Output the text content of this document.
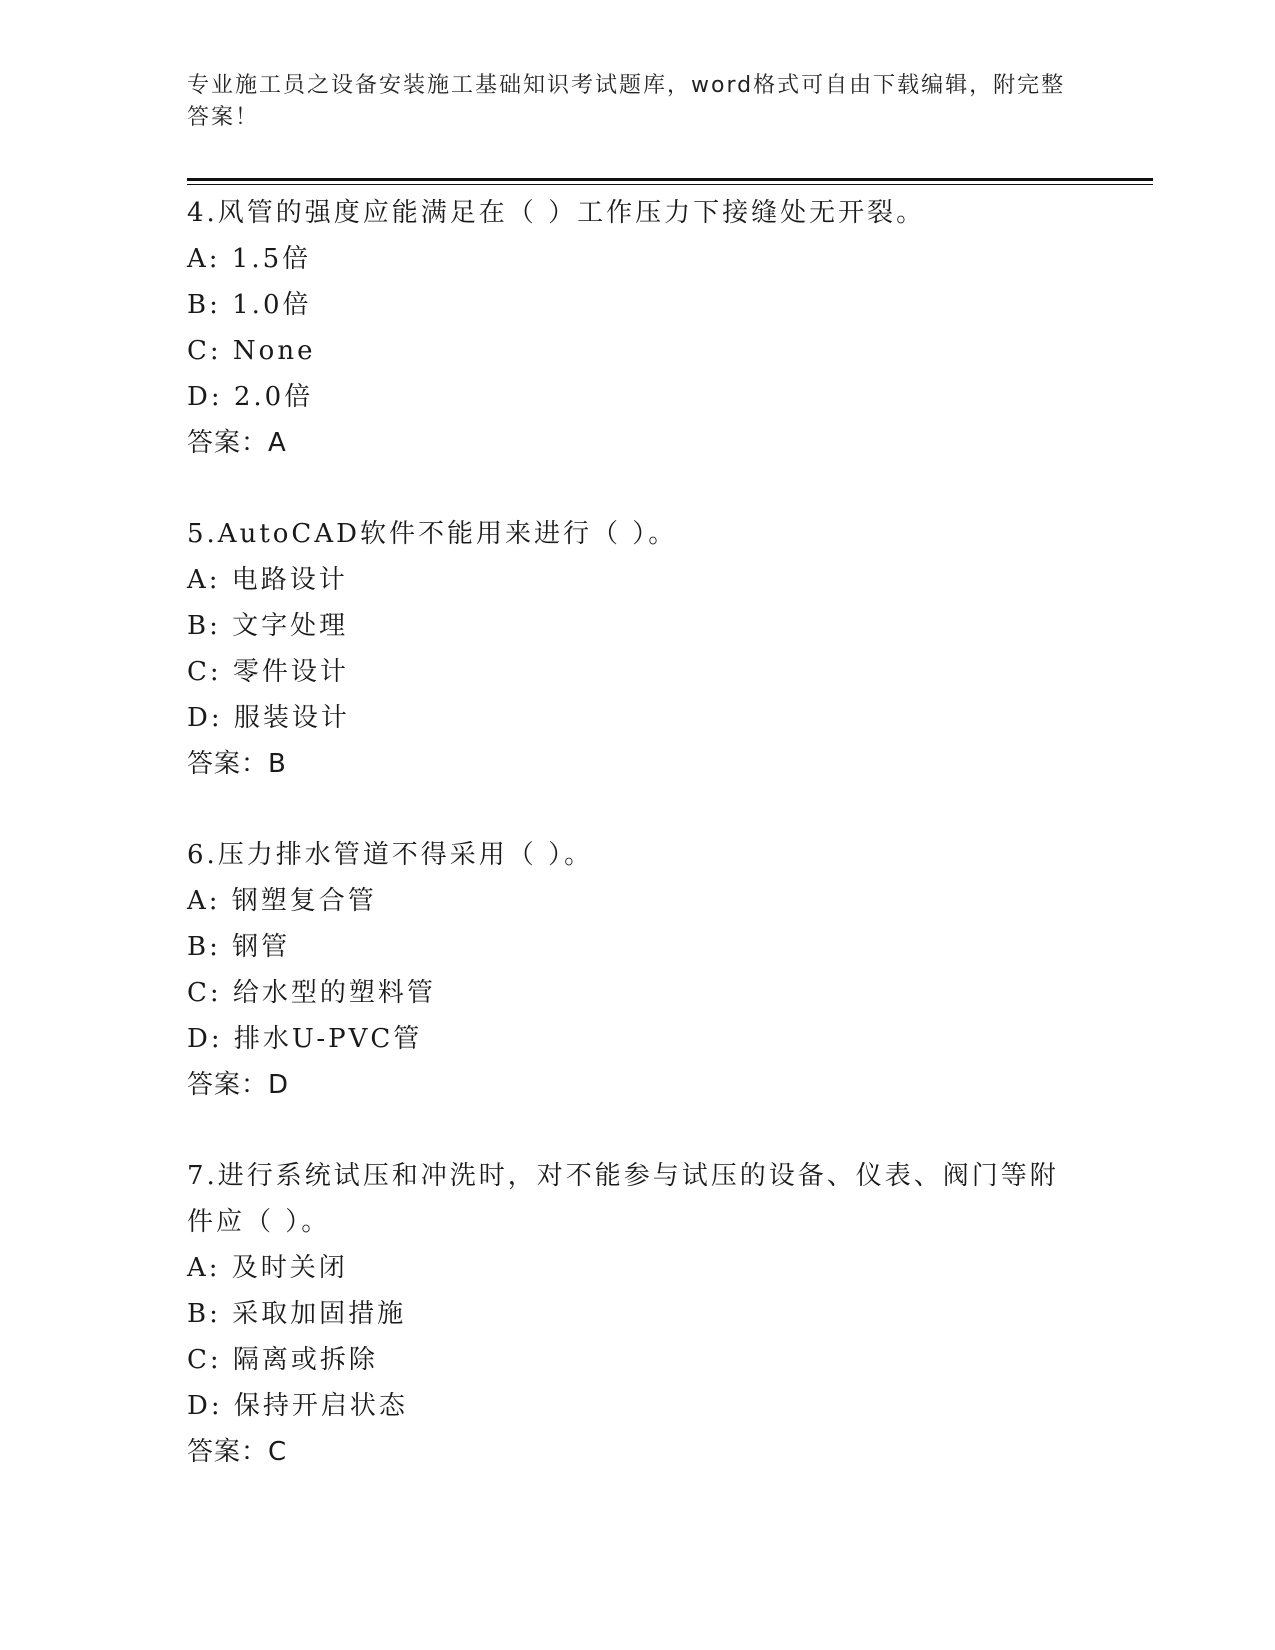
专业施工员之设备安装施工基础知识考试题库，word格式可自由下载编辑，附完整答案！

4.风管的强度应能满足在（ ）工作压力下接缝处无开裂。

A: 1.5倍

B: 1.0倍

C: None

D: 2.0倍

答案：A

5.AutoCAD软件不能用来进行（ ）。

A: 电路设计

B: 文字处理

C: 零件设计

D: 服装设计

答案：B

6.压力排水管道不得采用（ ）。

A: 钢塑复合管

B: 钢管

C: 给水型的塑料管

D: 排水U-PVC管

答案：D

7.进行系统试压和冲洗时，对不能参与试压的设备、仪表、阀门等附件应（ ）。

A: 及时关闭

B: 采取加固措施

C: 隔离或拆除

D: 保持开启状态

答案：C
